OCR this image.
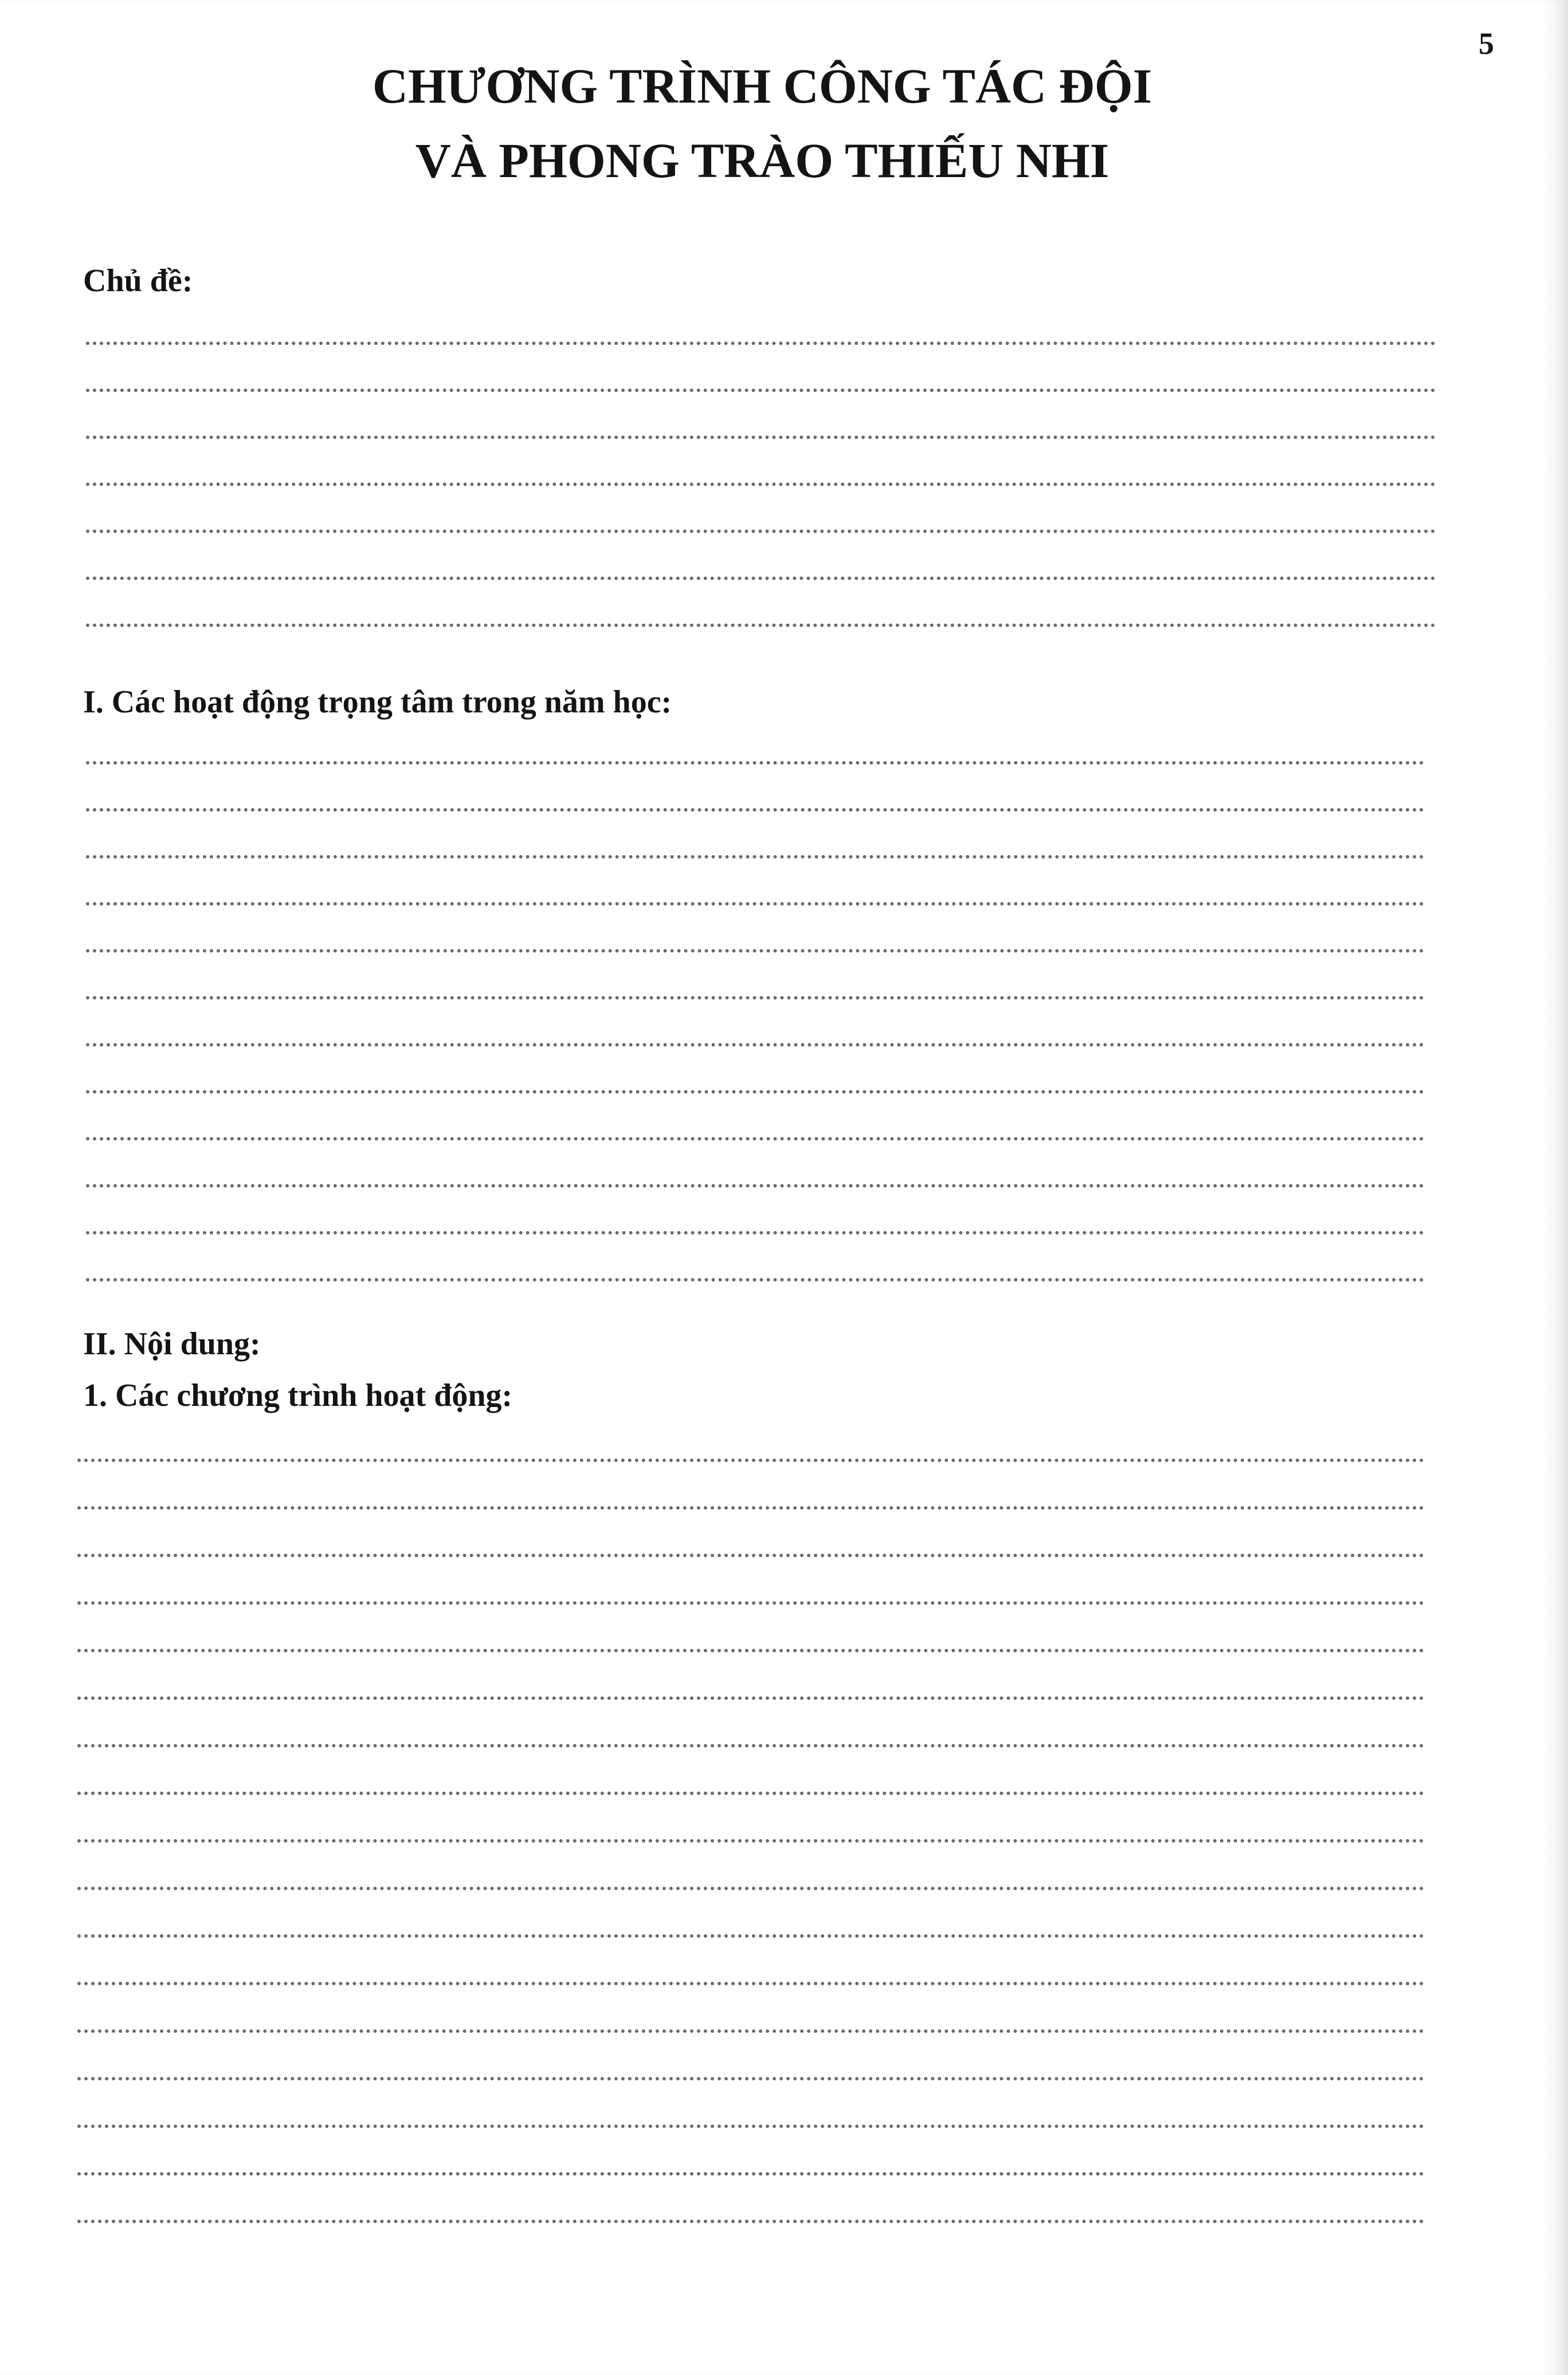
5
CHƯƠNG TRÌNH CÔNG TÁC ĐỘI
VÀ PHONG TRÀO THIẾU NHI
Chủ đề:
I. Các hoạt động trọng tâm trong năm học:
II. Nội dung:
1. Các chương trình hoạt động:
